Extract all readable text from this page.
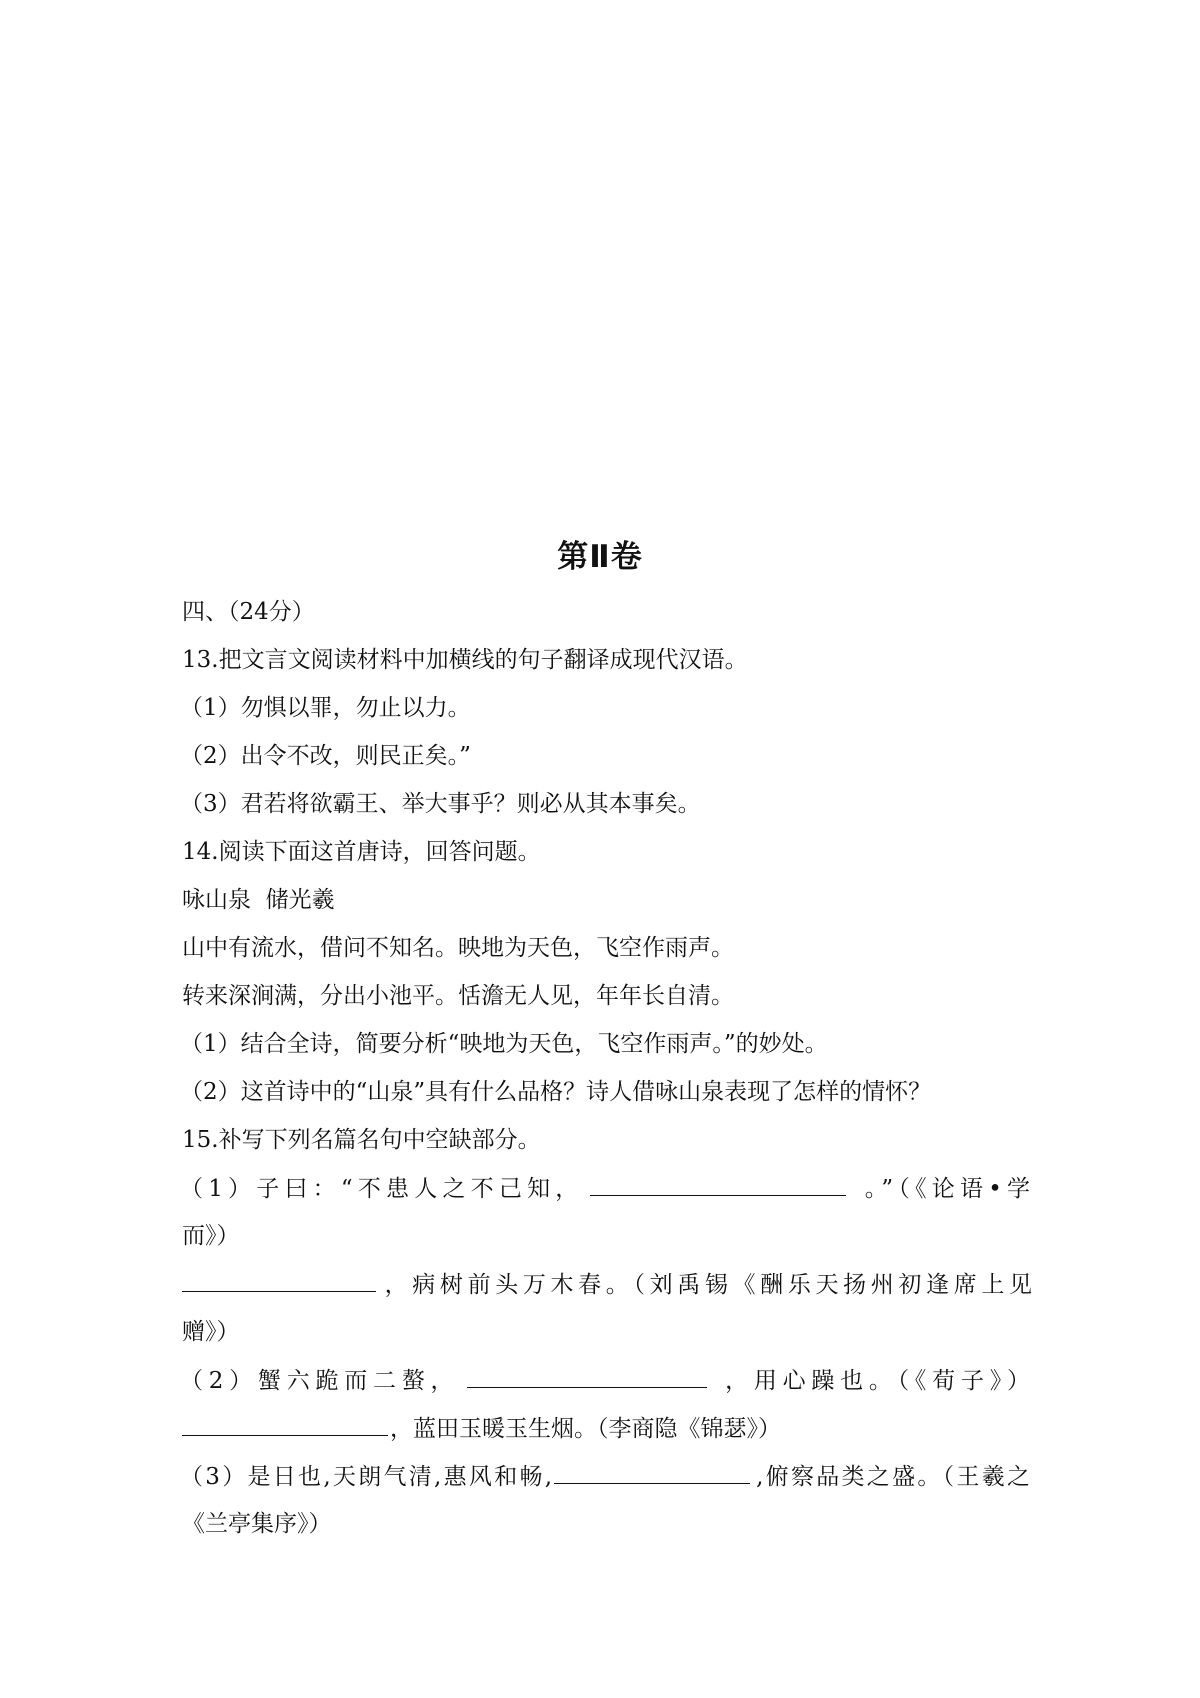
第Ⅱ卷
四、（24分）
13.把文言文阅读材料中加横线的句子翻译成现代汉语。
（1）勿惧以罪，勿止以力。
（2）出令不改，则民正矣。”
（3）君若将欲霸王、举大事乎？则必从其本事矣。
14.阅读下面这首唐诗，回答问题。
咏山泉  储光羲
山中有流水，借问不知名。映地为天色，飞空作雨声。
转来深涧满，分出小池平。恬澹无人见，年年长自清。
（1）结合全诗，简要分析“映地为天色，飞空作雨声。”的妙处。
（2）这首诗中的“山泉”具有什么品格？诗人借咏山泉表现了怎样的情怀？
15.补写下列名篇名句中空缺部分。
（1）子曰：“不患人之不己知，	。”（《论语•学
而》）
，病树前头万木春。（刘禹锡《酬乐天扬州初逢席上见
赠》）
（2）蟹六跪而二螯，	，用心躁也。（《荀子》）
，蓝田玉暖玉生烟。（李商隐《锦瑟》）
（3）是日也,天朗气清,惠风和畅,	,俯察品类之盛。（王羲之
《兰亭集序》）
